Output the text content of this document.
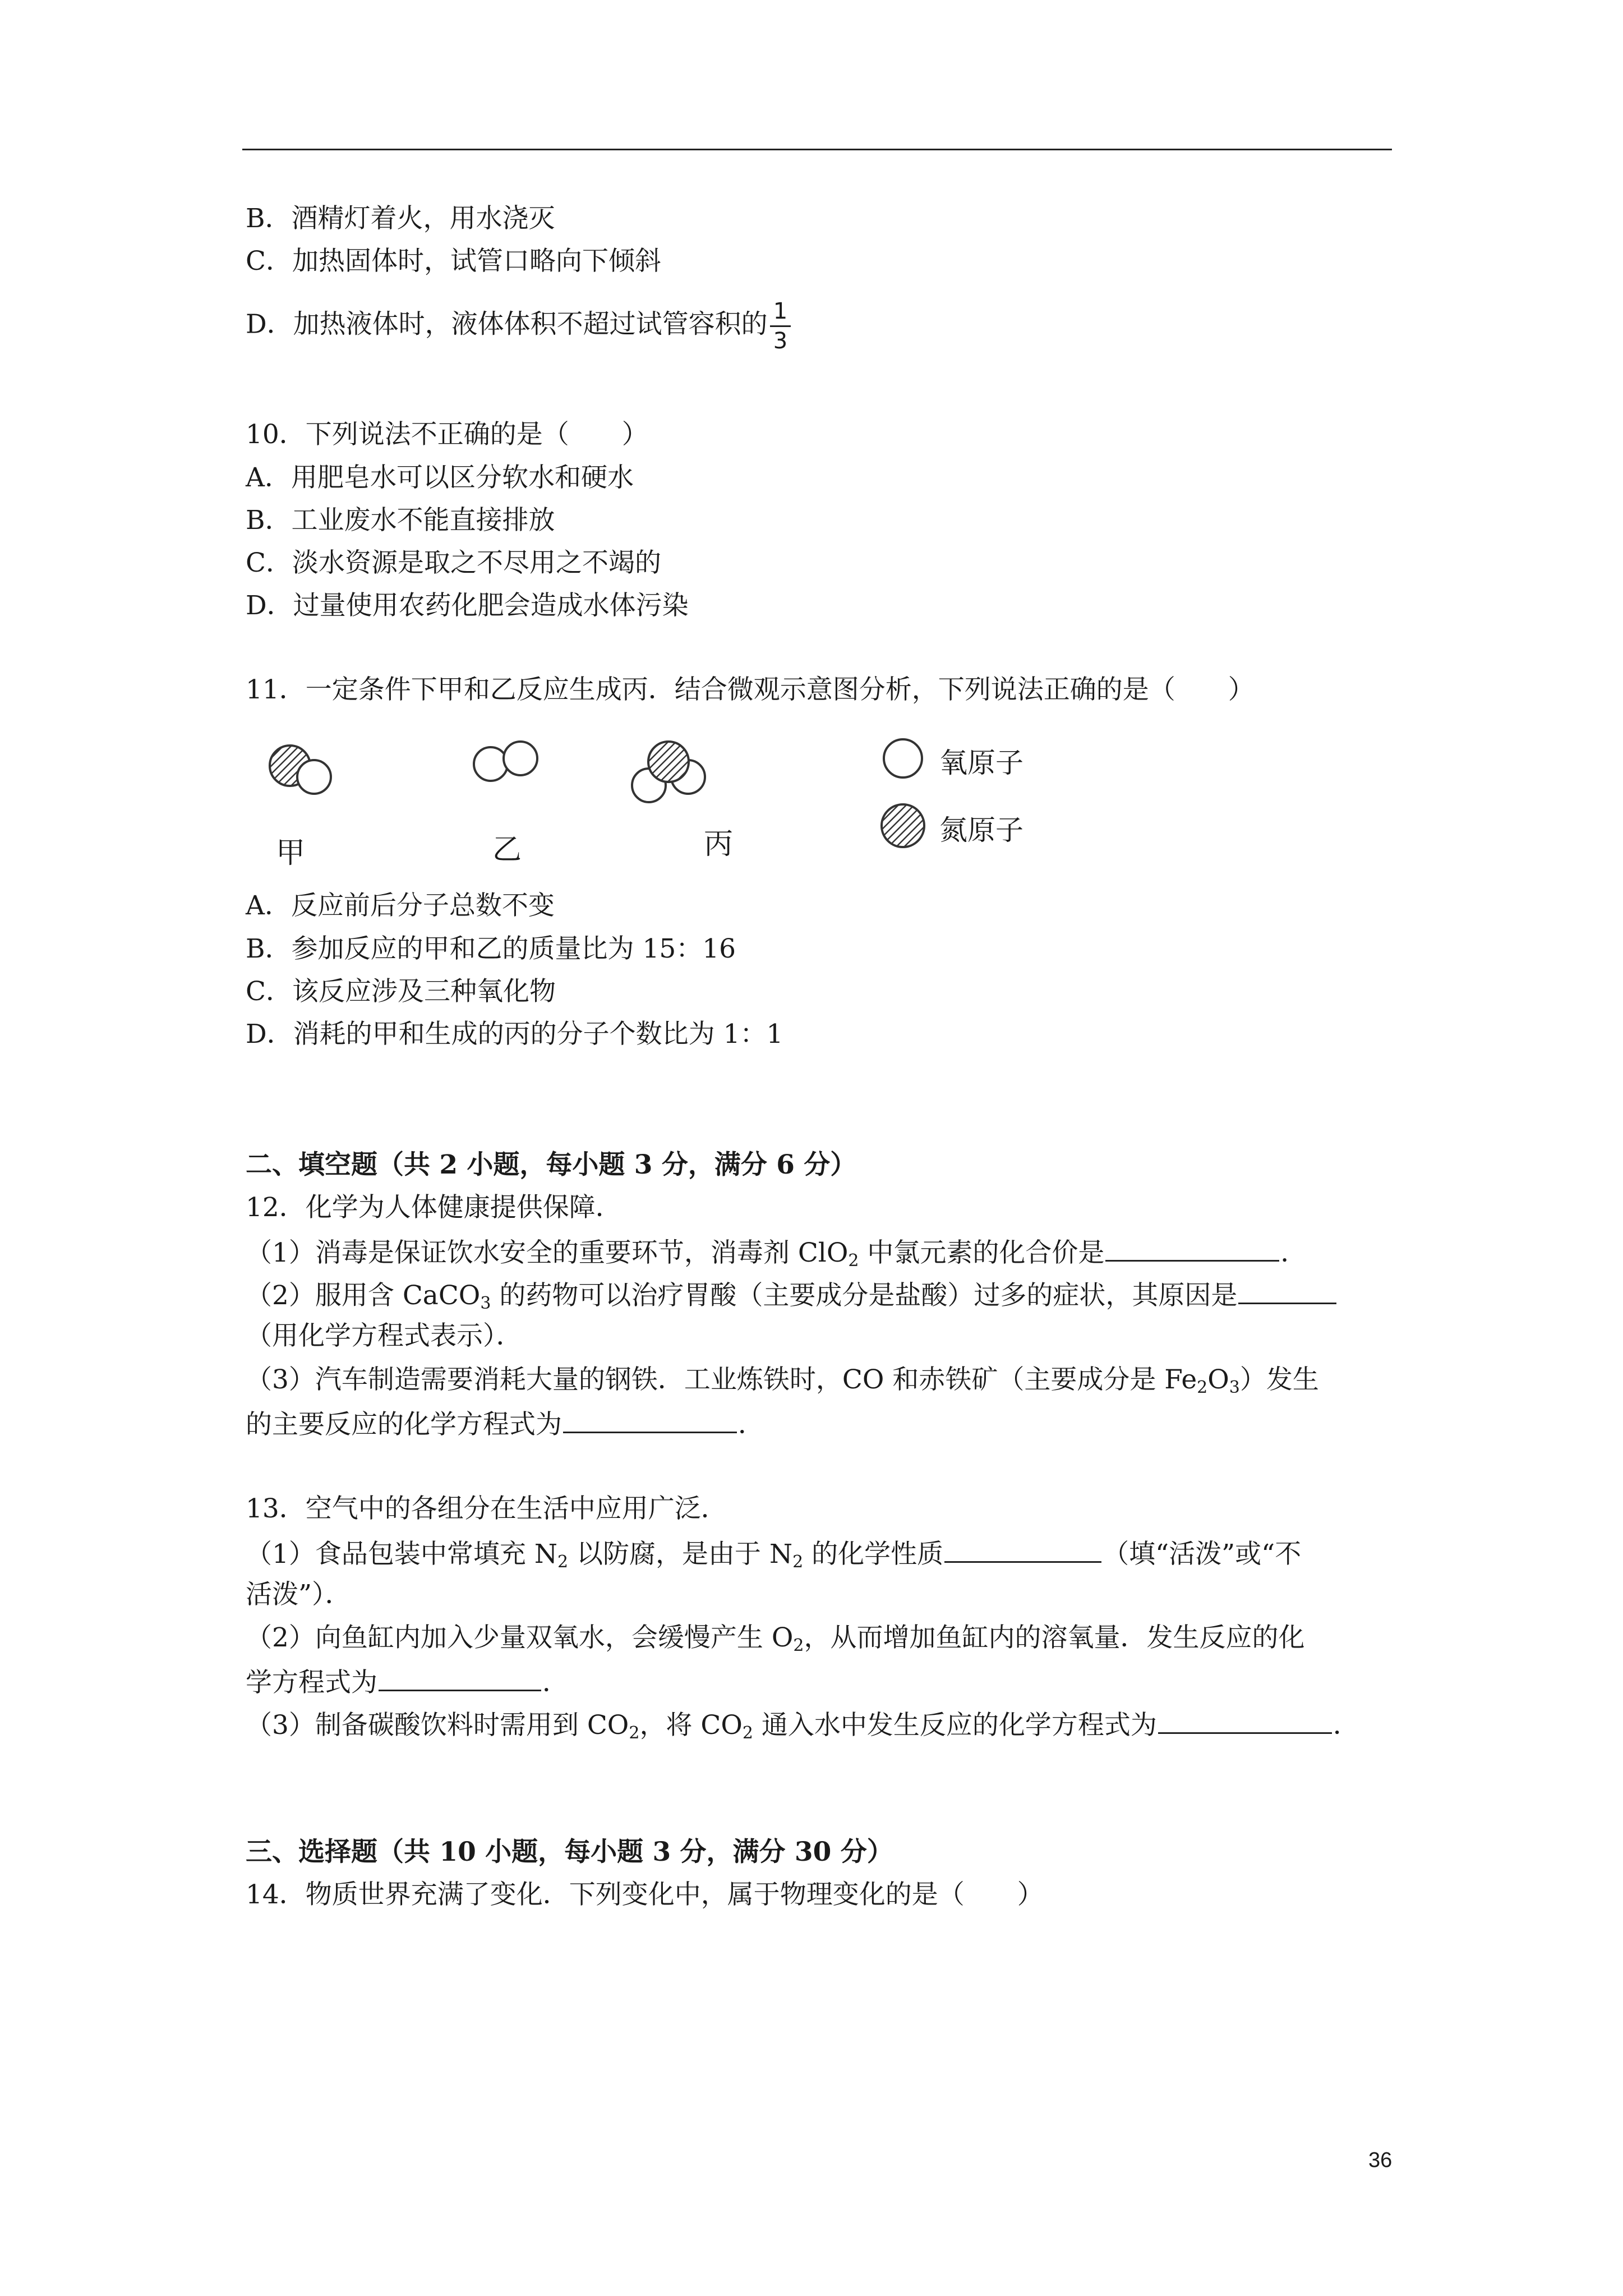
B．酒精灯着火，用水浇灭
C．加热固体时，试管口略向下倾斜
D．加热液体时，液体体积不超过试管容积的 $\frac{1}{3}$
10．下列说法不正确的是（　　）
A．用肥皂水可以区分软水和硬水
B．工业废水不能直接排放
C．淡水资源是取之不尽用之不竭的
D．过量使用农药化肥会造成水体污染
11．一定条件下甲和乙反应生成丙．结合微观示意图分析，下列说法正确的是（　　）
甲	乙	丙
氧原子
氮原子
A．反应前后分子总数不变
B．参加反应的甲和乙的质量比为 15：16
C．该反应涉及三种氧化物
D．消耗的甲和生成的丙的分子个数比为 1：1
二、填空题（共 2 小题，每小题 3 分，满分 6 分）
12．化学为人体健康提供保障．
（1）消毒是保证饮水安全的重要环节，消毒剂 ClO$_2$ 中氯元素的化合价是	．
（2）服用含 CaCO$_3$ 的药物可以治疗胃酸（主要成分是盐酸）过多的症状，其原因是
（用化学方程式表示）．
（3）汽车制造需要消耗大量的钢铁．工业炼铁时，CO 和赤铁矿（主要成分是 $Fe_2O_3$）发生
的主要反应的化学方程式为	．
13．空气中的各组分在生活中应用广泛．
（1）食品包装中常填充 $N_2$ 以防腐，是由于 $N_2$ 的化学性质	（填“活泼”或“不
活泼”）．
（2）向鱼缸内加入少量双氧水，会缓慢产生 $O_2$，从而增加鱼缸内的溶氧量．发生反应的化
学方程式为	．
（3）制备碳酸饮料时需用到 $CO_2$，将 $CO_2$ 通入水中发生反应的化学方程式为	．
三、选择题（共 10 小题，每小题 3 分，满分 30 分）
14．物质世界充满了变化．下列变化中，属于物理变化的是（　　）
36
